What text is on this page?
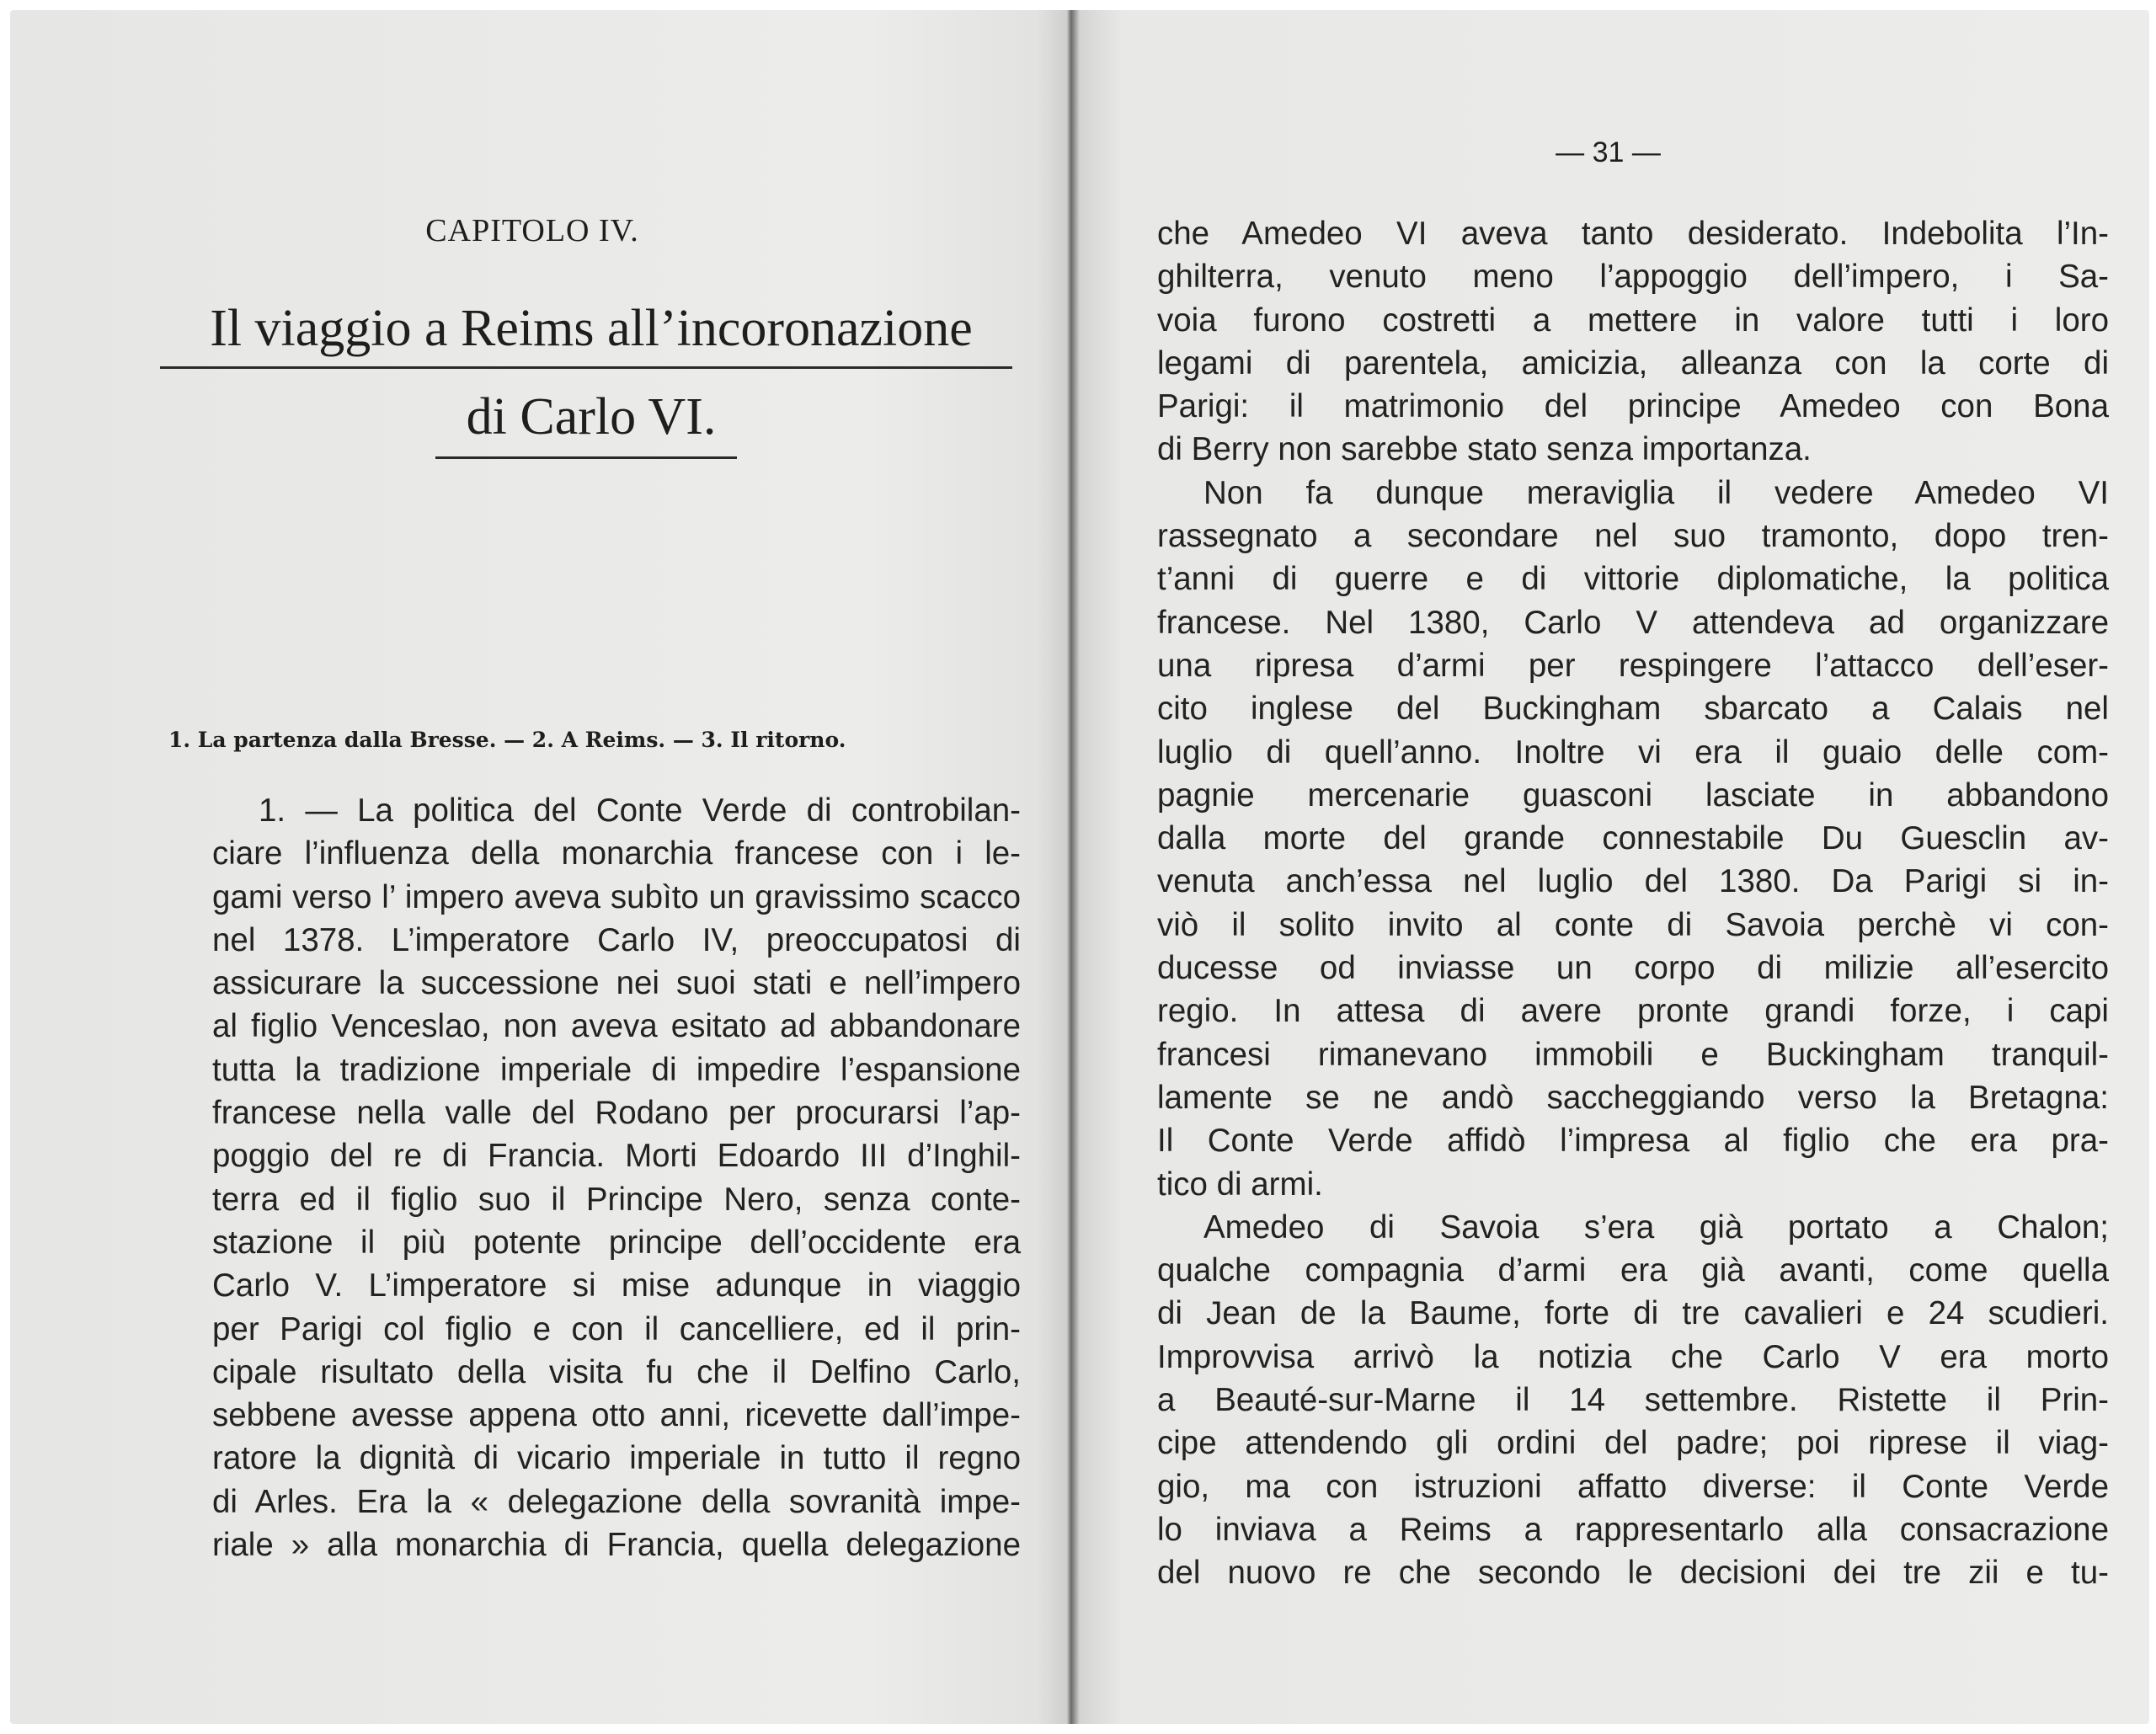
CAPITOLO IV.
Il viaggio a Reims all’incoronazione
di Carlo VI.
1. La partenza dalla Bresse. — 2. A Reims. — 3. Il ritorno.
1. — La politica del Conte Verde di controbilan-
ciare l’influenza della monarchia francese con i le-
gami verso l’ impero aveva subìto un gravissimo scacco
nel 1378. L’imperatore Carlo IV, preoccupatosi di
assicurare la successione nei suoi stati e nell’impero
al figlio Venceslao, non aveva esitato ad abbandonare
tutta la tradizione imperiale di impedire l’espansione
francese nella valle del Rodano per procurarsi l’ap-
poggio del re di Francia. Morti Edoardo III d’Inghil-
terra ed il figlio suo il Principe Nero, senza conte-
stazione il più potente principe dell’occidente era
Carlo V. L’imperatore si mise adunque in viaggio
per Parigi col figlio e con il cancelliere, ed il prin-
cipale risultato della visita fu che il Delfino Carlo,
sebbene avesse appena otto anni, ricevette dall’impe-
ratore la dignità di vicario imperiale in tutto il regno
di Arles. Era la « delegazione della sovranità impe-
riale » alla monarchia di Francia, quella delegazione
— 31 —
che Amedeo VI aveva tanto desiderato. Indebolita l’In-
ghilterra, venuto meno l’appoggio dell’impero, i Sa-
voia furono costretti a mettere in valore tutti i loro
legami di parentela, amicizia, alleanza con la corte di
Parigi: il matrimonio del principe Amedeo con Bona
di Berry non sarebbe stato senza importanza.
Non fa dunque meraviglia il vedere Amedeo VI
rassegnato a secondare nel suo tramonto, dopo tren-
t’anni di guerre e di vittorie diplomatiche, la politica
francese. Nel 1380, Carlo V attendeva ad organizzare
una ripresa d’armi per respingere l’attacco dell’eser-
cito inglese del Buckingham sbarcato a Calais nel
luglio di quell’anno. Inoltre vi era il guaio delle com-
pagnie mercenarie guasconi lasciate in abbandono
dalla morte del grande connestabile Du Guesclin av-
venuta anch’essa nel luglio del 1380. Da Parigi si in-
viò il solito invito al conte di Savoia perchè vi con-
ducesse od inviasse un corpo di milizie all’esercito
regio. In attesa di avere pronte grandi forze, i capi
francesi rimanevano immobili e Buckingham tranquil-
lamente se ne andò saccheggiando verso la Bretagna:
Il Conte Verde affidò l’impresa al figlio che era pra-
tico di armi.
Amedeo di Savoia s’era già portato a Chalon;
qualche compagnia d’armi era già avanti, come quella
di Jean de la Baume, forte di tre cavalieri e 24 scudieri.
Improvvisa arrivò la notizia che Carlo V era morto
a Beauté-sur-Marne il 14 settembre. Ristette il Prin-
cipe attendendo gli ordini del padre; poi riprese il viag-
gio, ma con istruzioni affatto diverse: il Conte Verde
lo inviava a Reims a rappresentarlo alla consacrazione
del nuovo re che secondo le decisioni dei tre zii e tu-
